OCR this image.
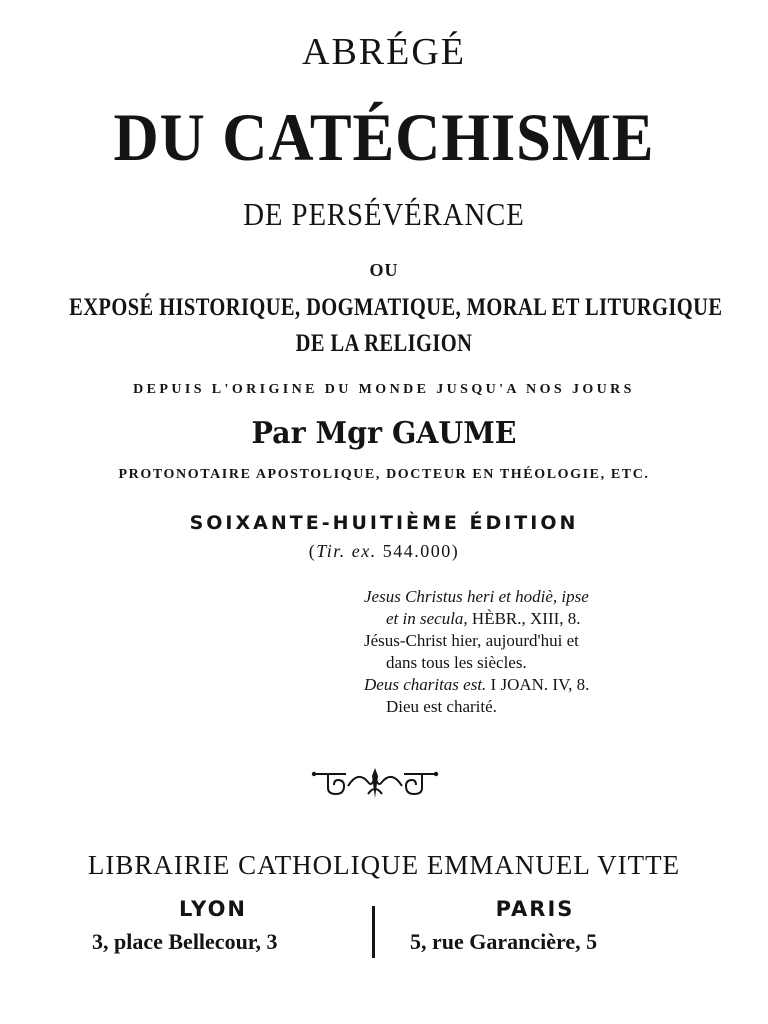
ABRÉGÉ
DU CATÉCHISME
DE PERSÉVÉRANCE
OU
EXPOSÉ HISTORIQUE, DOGMATIQUE, MORAL ET LITURGIQUE
DE LA RELIGION
DEPUIS L'ORIGINE DU MONDE JUSQU'A NOS JOURS
Par Mgr GAUME
PROTONOTAIRE APOSTOLIQUE, DOCTEUR EN THÉOLOGIE, ETC.
SOIXANTE-HUITIÈME ÉDITION
(Tir. ex. 544.000)
Jesus Christus heri et hodiè, ipse
et in secula, HÈBR., XIII, 8.
Jésus-Christ hier, aujourd'hui et
dans tous les siècles.
Deus charitas est. I JOAN. IV, 8.
Dieu est charité.
LIBRAIRIE CATHOLIQUE EMMANUEL VITTE
LYON	PARIS
3, place Bellecour, 3	5, rue Garancière, 5
